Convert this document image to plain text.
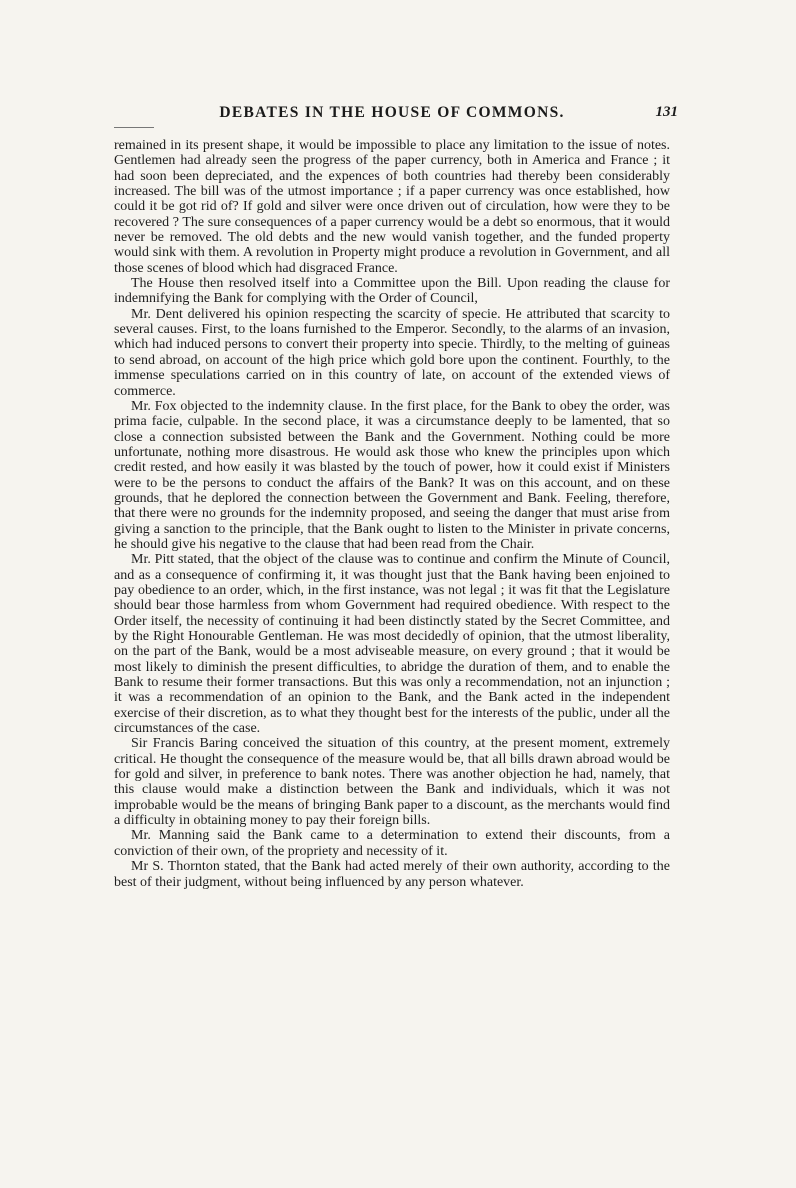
DEBATES IN THE HOUSE OF COMMONS.	131

remained in its present shape, it would be impossible to place any limitation to the issue of notes. Gentlemen had already seen the progress of the paper currency, both in America and France ; it had soon been depreciated, and the expences of both countries had thereby been considerably increased. The bill was of the utmost importance ; if a paper currency was once established, how could it be got rid of? If gold and silver were once driven out of circulation, how were they to be recovered ? The sure consequences of a paper currency would be a debt so enormous, that it would never be removed. The old debts and the new would vanish together, and the funded property would sink with them. A revolution in Property might produce a revolution in Government, and all those scenes of blood which had disgraced France.

The House then resolved itself into a Committee upon the Bill. Upon reading the clause for indemnifying the Bank for complying with the Order of Council,

Mr. Dent delivered his opinion respecting the scarcity of specie. He attributed that scarcity to several causes. First, to the loans furnished to the Emperor. Secondly, to the alarms of an invasion, which had induced persons to convert their property into specie. Thirdly, to the melting of guineas to send abroad, on account of the high price which gold bore upon the continent. Fourthly, to the immense speculations carried on in this country of late, on account of the extended views of commerce.

Mr. Fox objected to the indemnity clause. In the first place, for the Bank to obey the order, was prima facie, culpable. In the second place, it was a circumstance deeply to be lamented, that so close a connection subsisted between the Bank and the Government. Nothing could be more unfortunate, nothing more disastrous. He would ask those who knew the principles upon which credit rested, and how easily it was blasted by the touch of power, how it could exist if Ministers were to be the persons to conduct the affairs of the Bank? It was on this account, and on these grounds, that he deplored the connection between the Government and Bank. Feeling, therefore, that there were no grounds for the indemnity proposed, and seeing the danger that must arise from giving a sanction to the principle, that the Bank ought to listen to the Minister in private concerns, he should give his negative to the clause that had been read from the Chair.

Mr. Pitt stated, that the object of the clause was to continue and confirm the Minute of Council, and as a consequence of confirming it, it was thought just that the Bank having been enjoined to pay obedience to an order, which, in the first instance, was not legal ; it was fit that the Legislature should bear those harmless from whom Government had required obedience. With respect to the Order itself, the necessity of continuing it had been distinctly stated by the Secret Committee, and by the Right Honourable Gentleman. He was most decidedly of opinion, that the utmost liberality, on the part of the Bank, would be a most adviseable measure, on every ground ; that it would be most likely to diminish the present difficulties, to abridge the duration of them, and to enable the Bank to resume their former transactions. But this was only a recommendation, not an injunction ; it was a recommendation of an opinion to the Bank, and the Bank acted in the independent exercise of their discretion, as to what they thought best for the interests of the public, under all the circumstances of the case.

Sir Francis Baring conceived the situation of this country, at the present moment, extremely critical. He thought the consequence of the measure would be, that all bills drawn abroad would be for gold and silver, in preference to bank notes. There was another objection he had, namely, that this clause would make a distinction between the Bank and individuals, which it was not improbable would be the means of bringing Bank paper to a discount, as the merchants would find a difficulty in obtaining money to pay their foreign bills.

Mr. Manning said the Bank came to a determination to extend their discounts, from a conviction of their own, of the propriety and necessity of it.

Mr S. Thornton stated, that the Bank had acted merely of their own authority, according to the best of their judgment, without being influenced by any person whatever.
